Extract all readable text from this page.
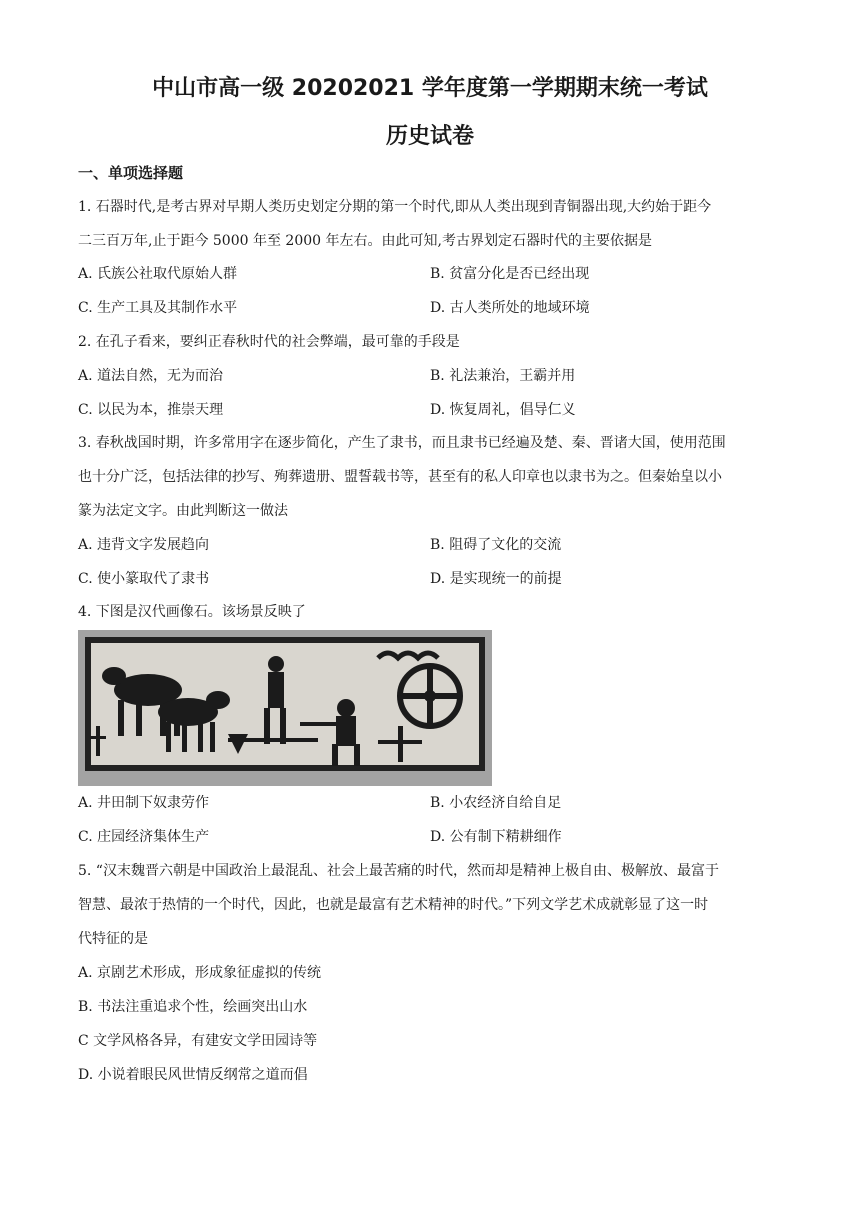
中山市高一级 20202021 学年度第一学期期末统一考试
历史试卷
一、单项选择题
1. 石器时代,是考古界对早期人类历史划定分期的第一个时代,即从人类出现到青铜器出现,大约始于距今
二三百万年,止于距今 5000 年至 2000 年左右。由此可知,考古界划定石器时代的主要依据是
A. 氏族公社取代原始人群	B. 贫富分化是否已经出现
C. 生产工具及其制作水平	D. 古人类所处的地域环境
2. 在孔子看来，要纠正春秋时代的社会弊端，最可靠的手段是
A. 道法自然，无为而治	B. 礼法兼治，王霸并用
C. 以民为本，推崇天理	D. 恢复周礼，倡导仁义
3. 春秋战国时期，许多常用字在逐步简化，产生了隶书，而且隶书已经遍及楚、秦、晋诸大国，使用范围
也十分广泛，包括法律的抄写、殉葬遗册、盟誓载书等，甚至有的私人印章也以隶书为之。但秦始皇以小
篆为法定文字。由此判断这一做法
A. 违背文字发展趋向	B. 阻碍了文化的交流
C. 使小篆取代了隶书	D. 是实现统一的前提
4. 下图是汉代画像石。该场景反映了
A. 井田制下奴隶劳作	B. 小农经济自给自足
C. 庄园经济集体生产	D. 公有制下精耕细作
5. “汉末魏晋六朝是中国政治上最混乱、社会上最苦痛的时代，然而却是精神上极自由、极解放、最富于
智慧、最浓于热情的一个时代，因此，也就是最富有艺术精神的时代。”下列文学艺术成就彰显了这一时
代特征的是
A. 京剧艺术形成，形成象征虚拟的传统
B. 书法注重追求个性，绘画突出山水
C 文学风格各异，有建安文学田园诗等
D. 小说着眼民风世情反纲常之道而倡
